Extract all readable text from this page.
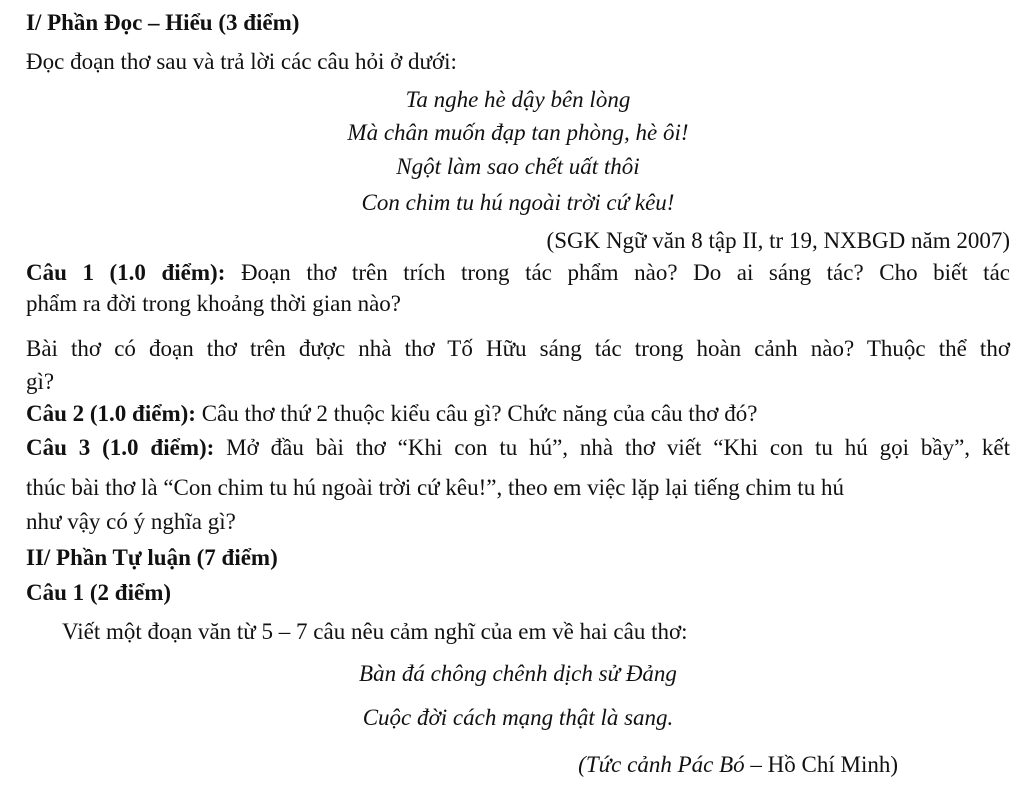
I/ Phần Đọc – Hiểu (3 điểm)
Đọc đoạn thơ sau và trả lời các câu hỏi ở dưới:
Ta nghe hè dậy bên lòng
Mà chân muốn đạp tan phòng, hè ôi!
Ngột làm sao chết uất thôi
Con chim tu hú ngoài trời cứ kêu!
(SGK Ngữ văn 8 tập II, tr 19, NXBGD năm 2007)
Câu 1 (1.0 điểm): Đoạn thơ trên trích trong tác phẩm nào? Do ai sáng tác? Cho biết tác
phẩm ra đời trong khoảng thời gian nào?
Bài thơ có đoạn thơ trên được nhà thơ Tố Hữu sáng tác trong hoàn cảnh nào? Thuộc thể thơ
gì?
Câu 2 (1.0 điểm): Câu thơ thứ 2 thuộc kiểu câu gì? Chức năng của câu thơ đó?
Câu 3 (1.0 điểm): Mở đầu bài thơ “Khi con tu hú”, nhà thơ viết “Khi con tu hú gọi bầy”, kết
thúc bài thơ là “Con chim tu hú ngoài trời cứ kêu!”, theo em việc lặp lại tiếng chim tu hú
như vậy có ý nghĩa gì?
II/ Phần Tự luận (7 điểm)
Câu 1 (2 điểm)
Viết một đoạn văn từ 5 – 7 câu nêu cảm nghĩ của em về hai câu thơ:
Bàn đá chông chênh dịch sử Đảng
Cuộc đời cách mạng thật là sang.
(Tức cảnh Pác Bó – Hồ Chí Minh)
